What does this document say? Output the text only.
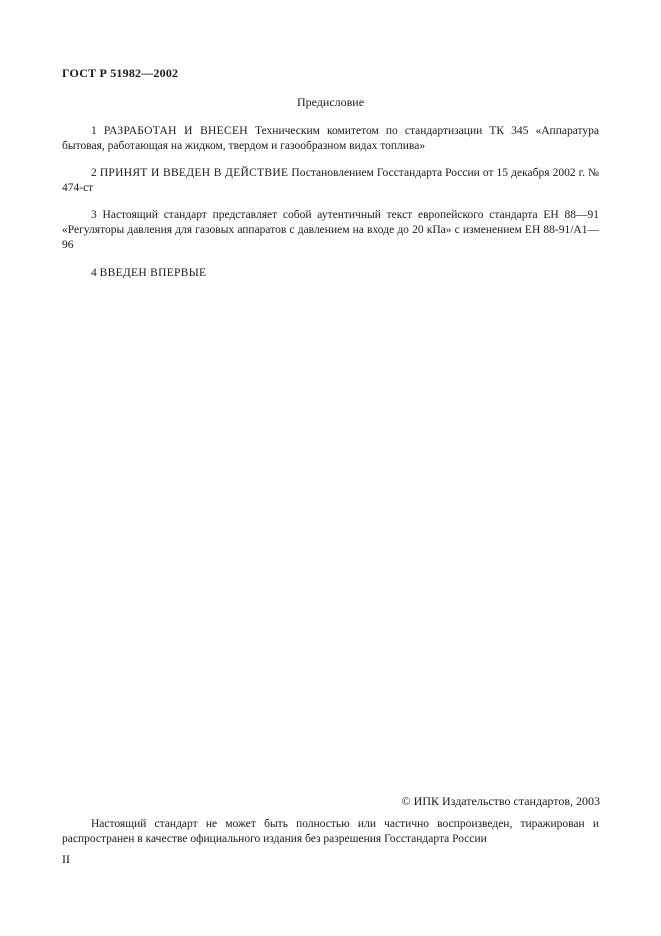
ГОСТ Р 51982—2002
Предисловие

1 РАЗРАБОТАН И ВНЕСЕН Техническим комитетом по стандартизации ТК 345 «Аппаратура бытовая, работающая на жидком, твердом и газообразном видах топлива»

2 ПРИНЯТ И ВВЕДЕН В ДЕЙСТВИЕ Постановлением Госстандарта России от 15 декабря 2002 г. № 474-ст

3 Настоящий стандарт представляет собой аутентичный текст европейского стандарта ЕН 88—91 «Регуляторы давления для газовых аппаратов с давлением на входе до 20 кПа» с изменением ЕН 88-91/А1—96

4 ВВЕДЕН ВПЕРВЫЕ

© ИПК Издательство стандартов, 2003

Настоящий стандарт не может быть полностью или частично воспроизведен, тиражирован и распространен в качестве официального издания без разрешения Госстандарта России

II
